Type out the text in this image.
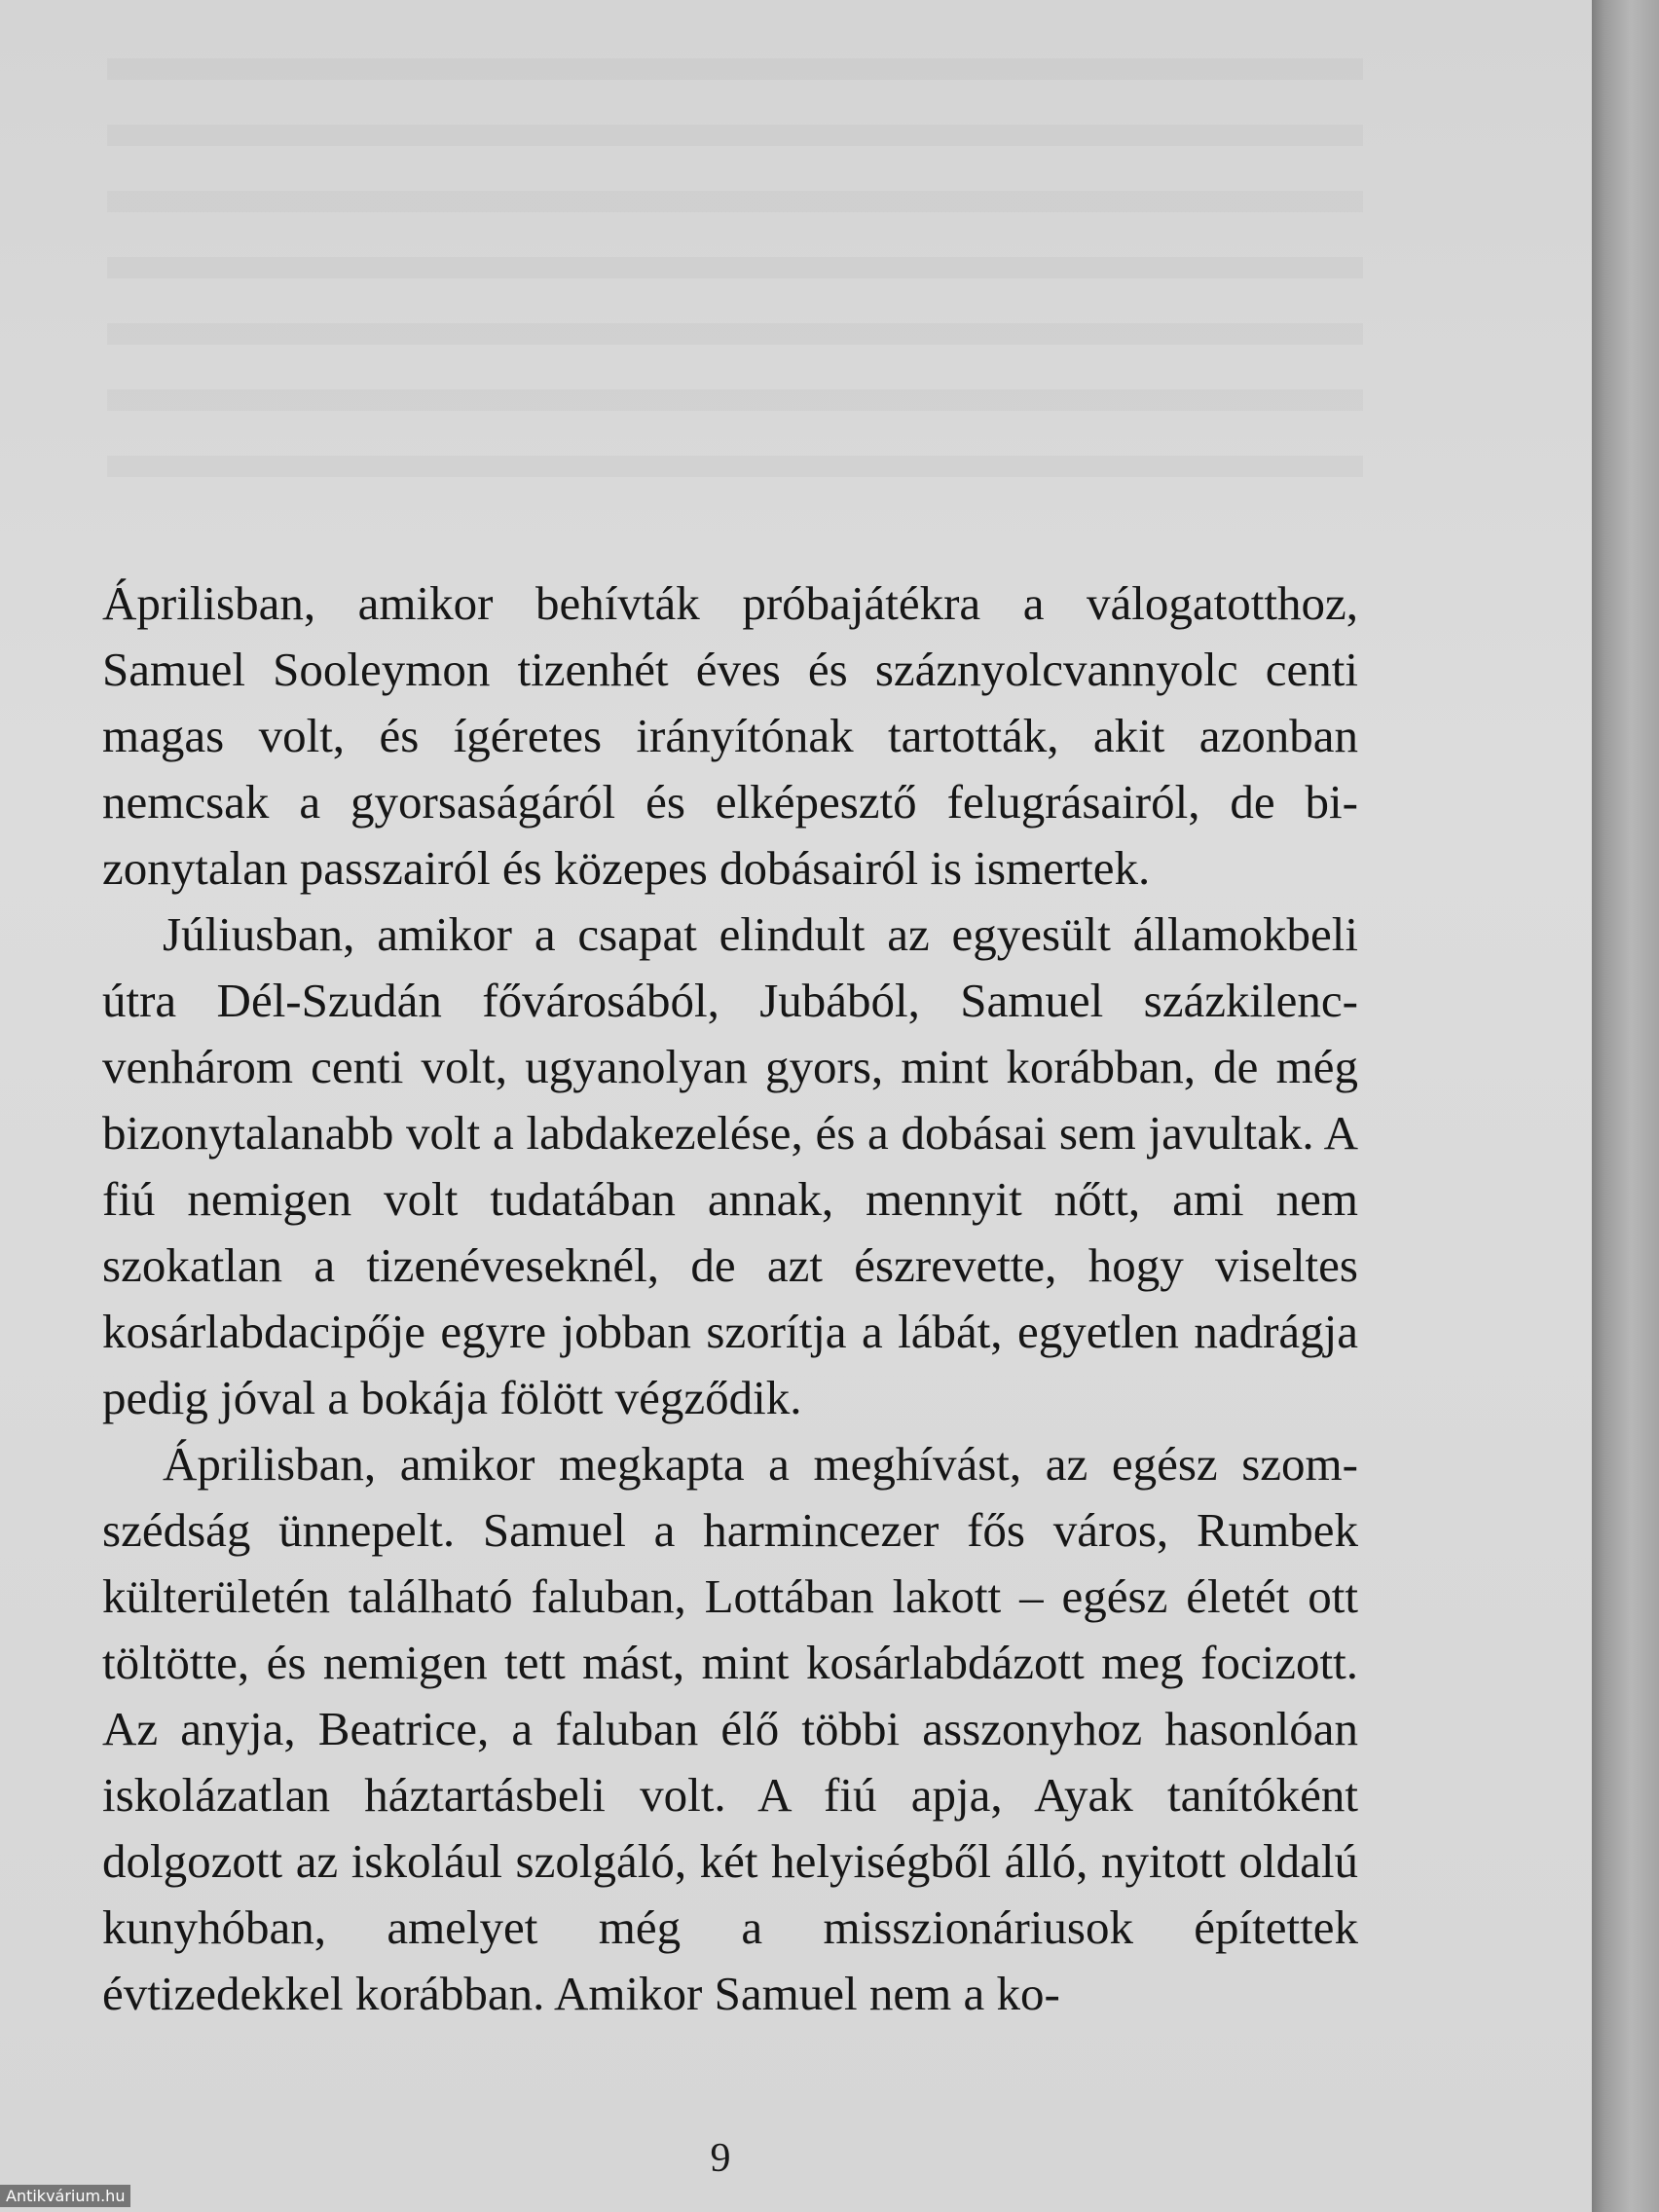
Áprilisban, amikor behívták próbajátékra a válogatotthoz, Samuel Sooleymon tizenhét éves és száznyolcvannyolc centi magas volt, és ígéretes irányítónak tartották, akit azonban nemcsak a gyorsaságáról és elképesztő felugrásairól, de bizonytalan passzairól és közepes dobásairól is ismertek.

Júliusban, amikor a csapat elindult az egyesült államokbeli útra Dél-Szudán fővárosából, Jubából, Samuel százkilencvenhárom centi volt, ugyanolyan gyors, mint korábban, de még bizonytalanabb volt a labdakezelése, és a dobásai sem javultak. A fiú nemigen volt tudatában annak, mennyit nőtt, ami nem szokatlan a tizenéveseknél, de azt észrevette, hogy viseltes kosárlabdacipője egyre jobban szorítja a lábát, egyetlen nadrágja pedig jóval a bokája fölött végződik.

Áprilisban, amikor megkapta a meghívást, az egész szomszédság ünnepelt. Samuel a harmincezer fős város, Rumbek külterületén található faluban, Lottában lakott – egész életét ott töltötte, és nemigen tett mást, mint kosárlabdázott meg focizott. Az anyja, Beatrice, a faluban élő többi asszonyhoz hasonlóan iskolázatlan háztartásbeli volt. A fiú apja, Ayak tanítóként dolgozott az iskolául szolgáló, két helyiségből álló, nyitott oldalú kunyhóban, amelyet még a misszionáriusok építettek évtizedekkel korábban. Amikor Samuel nem a ko-

9
Antikvárium.hu
